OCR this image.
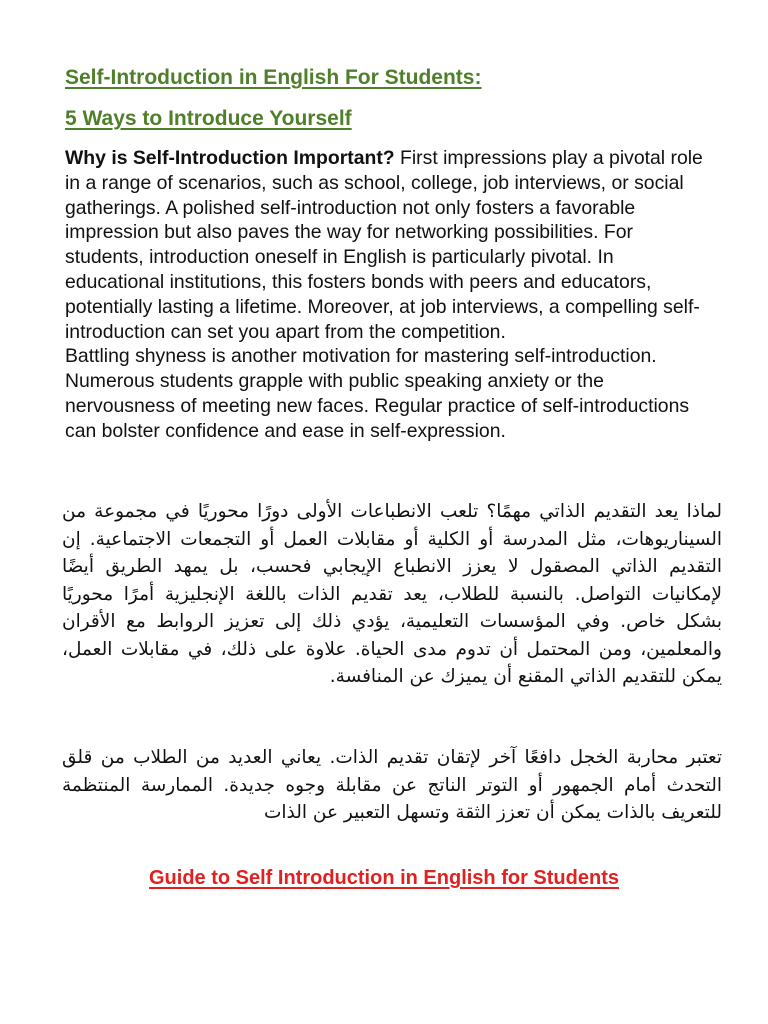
Self-Introduction in English For Students:
5 Ways to Introduce Yourself

Why is Self-Introduction Important? First impressions play a pivotal role in a range of scenarios, such as school, college, job interviews, or social gatherings. A polished self-introduction not only fosters a favorable impression but also paves the way for networking possibilities. For students, introduction oneself in English is particularly pivotal. In educational institutions, this fosters bonds with peers and educators, potentially lasting a lifetime. Moreover, at job interviews, a compelling self-introduction can set you apart from the competition.

Battling shyness is another motivation for mastering self-introduction. Numerous students grapple with public speaking anxiety or the nervousness of meeting new faces. Regular practice of self-introductions can bolster confidence and ease in self-expression.

لماذا يعد التقديم الذاتي مهمًا؟ تلعب الانطباعات الأولى دورًا محوريًا في مجموعة من السيناريوهات، مثل المدرسة أو الكلية أو مقابلات العمل أو التجمعات الاجتماعية. إن التقديم الذاتي المصقول لا يعزز الانطباع الإيجابي فحسب، بل يمهد الطريق أيضًا لإمكانيات التواصل. بالنسبة للطلاب، يعد تقديم الذات باللغة الإنجليزية أمرًا محوريًا بشكل خاص. وفي المؤسسات التعليمية، يؤدي ذلك إلى تعزيز الروابط مع الأقران والمعلمين، ومن المحتمل أن تدوم مدى الحياة. علاوة على ذلك، في مقابلات العمل، يمكن للتقديم الذاتي المقنع أن يميزك عن المنافسة.

تعتبر محاربة الخجل دافعًا آخر لإتقان تقديم الذات. يعاني العديد من الطلاب من قلق التحدث أمام الجمهور أو التوتر الناتج عن مقابلة وجوه جديدة. الممارسة المنتظمة للتعريف بالذات يمكن أن تعزز الثقة وتسهل التعبير عن الذات

Guide to Self Introduction in English for Students
